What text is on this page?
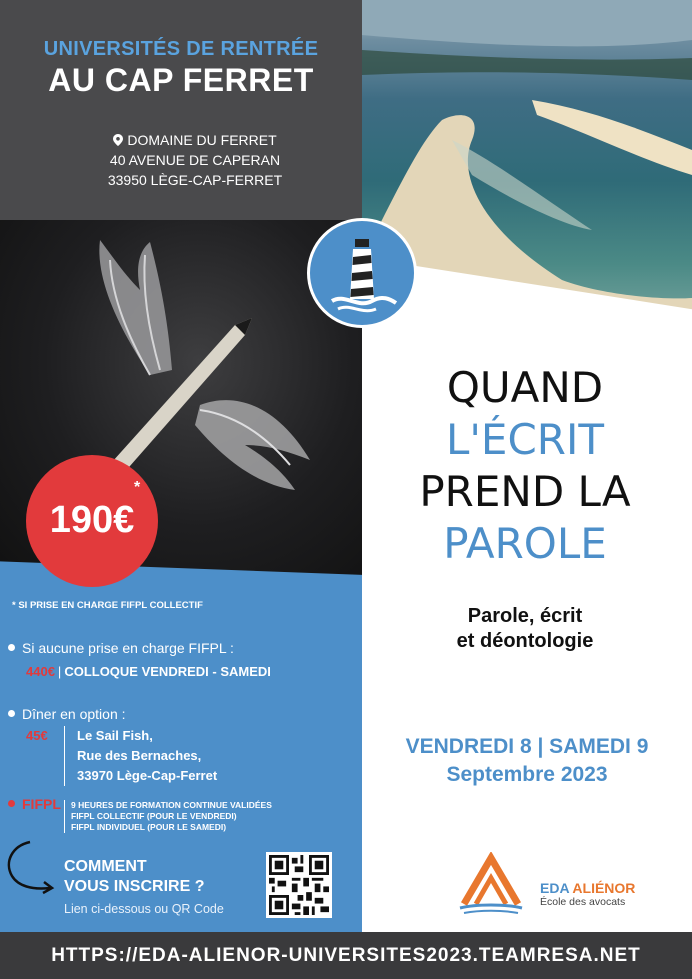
UNIVERSITÉS DE RENTRÉE
AU CAP FERRET
DOMAINE DU FERRET
40 AVENUE DE CAPERAN
33950 LÈGE-CAP-FERRET
190€
*
* SI PRISE EN CHARGE FIFPL COLLECTIF
Si aucune prise en charge FIFPL :
440€ | COLLOQUE VENDREDI - SAMEDI
Dîner en option :
45€ Le Sail Fish,
Rue des Bernaches,
33970 Lège-Cap-Ferret
FIFPL 9 HEURES DE FORMATION CONTINUE VALIDÉES
FIFPL COLLECTIF (POUR LE VENDREDI)
FIFPL INDIVIDUEL (POUR LE SAMEDI)
COMMENT
VOUS INSCRIRE ?
Lien ci-dessous ou QR Code
QUAND
L'ÉCRIT
PREND LA
PAROLE
Parole, écrit
et déontologie
VENDREDI 8 | SAMEDI 9
Septembre 2023
EDA ALIÉNOR
École des avocats
HTTPS://EDA-ALIENOR-UNIVERSITES2023.TEAMRESA.NET
